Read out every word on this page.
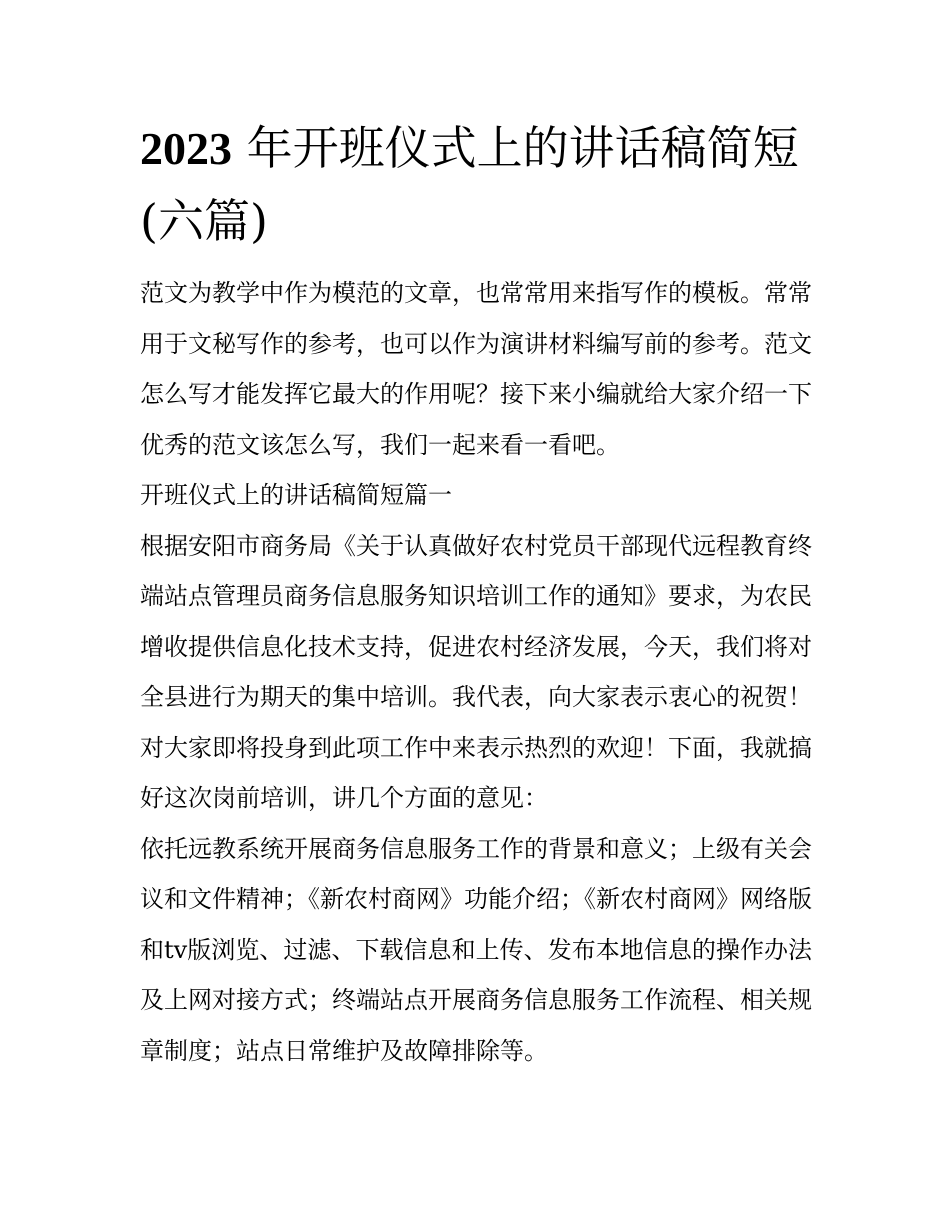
2023 年开班仪式上的讲话稿简短(六篇)

范文为教学中作为模范的文章，也常常用来指写作的模板。常常用于文秘写作的参考，也可以作为演讲材料编写前的参考。范文怎么写才能发挥它最大的作用呢？接下来小编就给大家介绍一下优秀的范文该怎么写，我们一起来看一看吧。

开班仪式上的讲话稿简短篇一

根据安阳市商务局《关于认真做好农村党员干部现代远程教育终端站点管理员商务信息服务知识培训工作的通知》要求，为农民增收提供信息化技术支持，促进农村经济发展，今天，我们将对全县进行为期天的集中培训。我代表，向大家表示衷心的祝贺！对大家即将投身到此项工作中来表示热烈的欢迎！下面，我就搞好这次岗前培训，讲几个方面的意见：

依托远教系统开展商务信息服务工作的背景和意义；上级有关会议和文件精神；《新农村商网》功能介绍；《新农村商网》网络版和tv版浏览、过滤、下载信息和上传、发布本地信息的操作办法及上网对接方式；终端站点开展商务信息服务工作流程、相关规章制度；站点日常维护及故障排除等。
